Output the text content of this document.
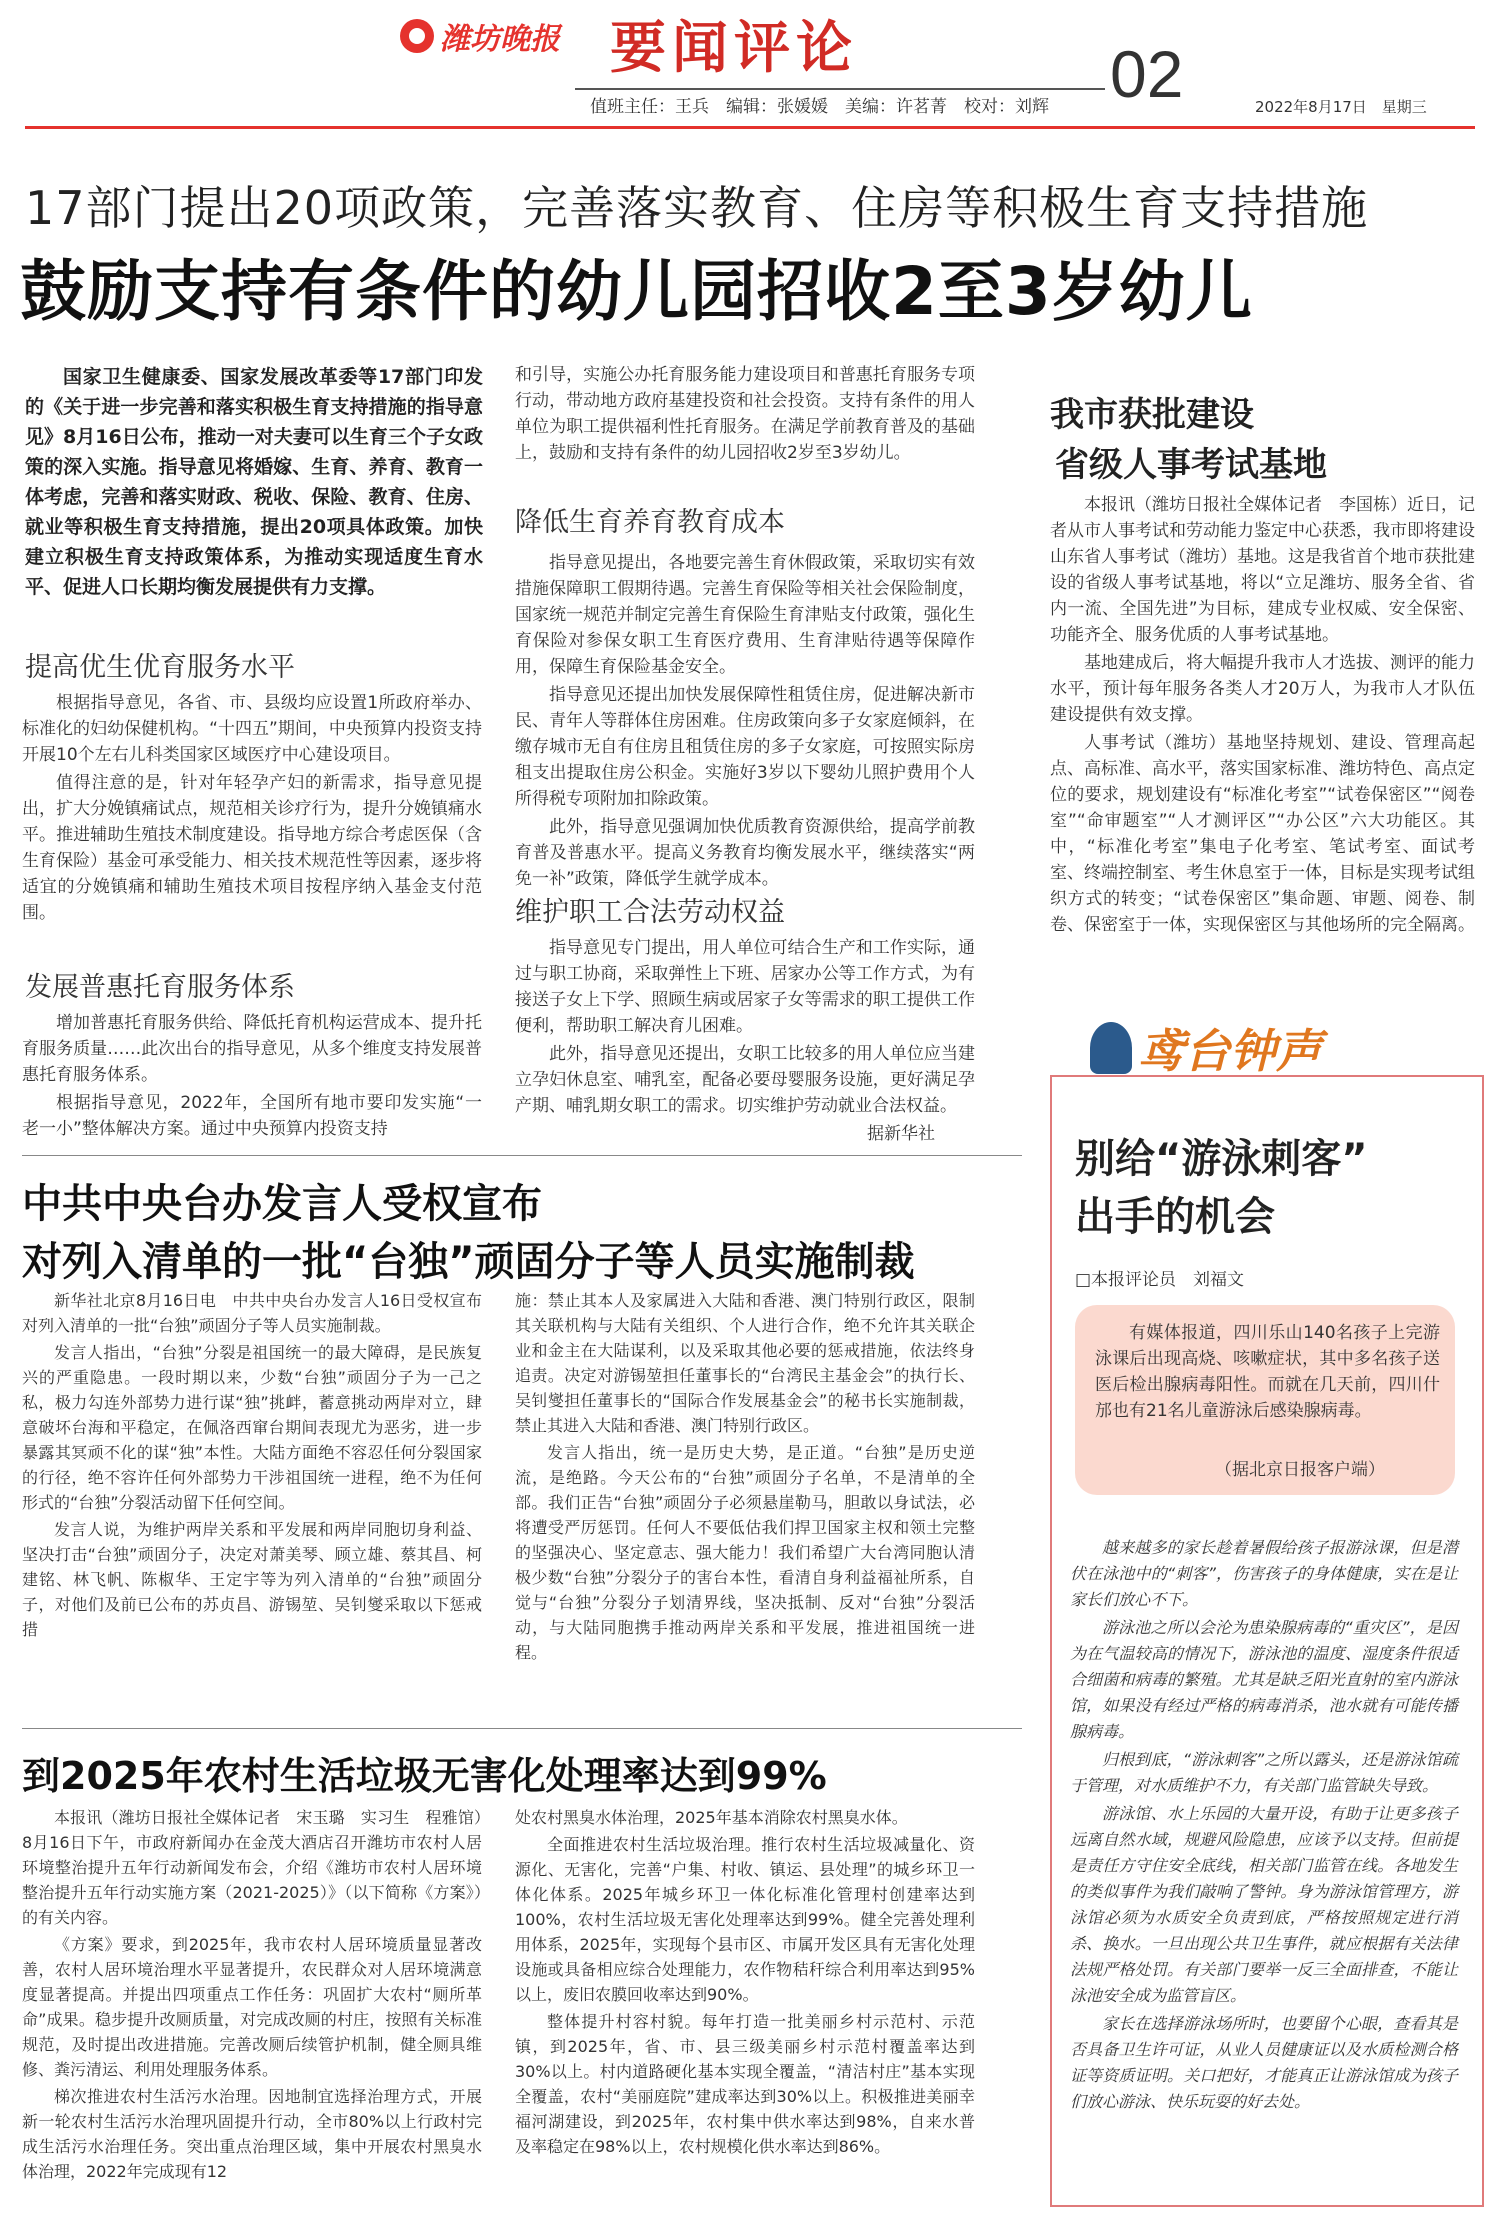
潍坊晚报 要闻评论	02
值班主任：王兵　编辑：张媛媛　美编：许茗菁　校对：刘辉	2022年8月17日　星期三
17部门提出20项政策，完善落实教育、住房等积极生育支持措施
鼓励支持有条件的幼儿园招收2至3岁幼儿

国家卫生健康委、国家发展改革委等17部门印发的《关于进一步完善和落实积极生育支持措施的指导意见》8月16日公布，推动一对夫妻可以生育三个子女政策的深入实施。指导意见将婚嫁、生育、养育、教育一体考虑，完善和落实财政、税收、保险、教育、住房、就业等积极生育支持措施，提出20项具体政策。加快建立积极生育支持政策体系，为推动实现适度生育水平、促进人口长期均衡发展提供有力支撑。

提高优生优育服务水平

根据指导意见，各省、市、县级均应设置1所政府举办、标准化的妇幼保健机构。“十四五”期间，中央预算内投资支持开展10个左右儿科类国家区域医疗中心建设项目。

值得注意的是，针对年轻孕产妇的新需求，指导意见提出，扩大分娩镇痛试点，规范相关诊疗行为，提升分娩镇痛水平。推进辅助生殖技术制度建设。指导地方综合考虑医保（含生育保险）基金可承受能力、相关技术规范性等因素，逐步将适宜的分娩镇痛和辅助生殖技术项目按程序纳入基金支付范围。

发展普惠托育服务体系

增加普惠托育服务供给、降低托育机构运营成本、提升托育服务质量……此次出台的指导意见，从多个维度支持发展普惠托育服务体系。

根据指导意见，2022年，全国所有地市要印发实施“一老一小”整体解决方案。通过中央预算内投资支持

和引导，实施公办托育服务能力建设项目和普惠托育服务专项行动，带动地方政府基建投资和社会投资。支持有条件的用人单位为职工提供福利性托育服务。在满足学前教育普及的基础上，鼓励和支持有条件的幼儿园招收2岁至3岁幼儿。

降低生育养育教育成本

指导意见提出，各地要完善生育休假政策，采取切实有效措施保障职工假期待遇。完善生育保险等相关社会保险制度，国家统一规范并制定完善生育保险生育津贴支付政策，强化生育保险对参保女职工生育医疗费用、生育津贴待遇等保障作用，保障生育保险基金安全。

指导意见还提出加快发展保障性租赁住房，促进解决新市民、青年人等群体住房困难。住房政策向多子女家庭倾斜，在缴存城市无自有住房且租赁住房的多子女家庭，可按照实际房租支出提取住房公积金。实施好3岁以下婴幼儿照护费用个人所得税专项附加扣除政策。

此外，指导意见强调加快优质教育资源供给，提高学前教育普及普惠水平。提高义务教育均衡发展水平，继续落实“两免一补”政策，降低学生就学成本。

维护职工合法劳动权益

指导意见专门提出，用人单位可结合生产和工作实际，通过与职工协商，采取弹性上下班、居家办公等工作方式，为有接送子女上下学、照顾生病或居家子女等需求的职工提供工作便利，帮助职工解决育儿困难。

此外，指导意见还提出，女职工比较多的用人单位应当建立孕妇休息室、哺乳室，配备必要母婴服务设施，更好满足孕产期、哺乳期女职工的需求。切实维护劳动就业合法权益。

据新华社

我市获批建设
省级人事考试基地

本报讯（潍坊日报社全媒体记者　李国栋）近日，记者从市人事考试和劳动能力鉴定中心获悉，我市即将建设山东省人事考试（潍坊）基地。这是我省首个地市获批建设的省级人事考试基地，将以“立足潍坊、服务全省、省内一流、全国先进”为目标，建成专业权威、安全保密、功能齐全、服务优质的人事考试基地。

基地建成后，将大幅提升我市人才选拔、测评的能力水平，预计每年服务各类人才20万人，为我市人才队伍建设提供有效支撑。

人事考试（潍坊）基地坚持规划、建设、管理高起点、高标准、高水平，落实国家标准、潍坊特色、高点定位的要求，规划建设有“标准化考室”“试卷保密区”“阅卷室”“命审题室”“人才测评区”“办公区”六大功能区。其中，“标准化考室”集电子化考室、笔试考室、面试考室、终端控制室、考生休息室于一体，目标是实现考试组织方式的转变；“试卷保密区”集命题、审题、阅卷、制卷、保密室于一体，实现保密区与其他场所的完全隔离。

鸢台钟声
别给“游泳刺客”
出手的机会
□本报评论员　刘福文
有媒体报道，四川乐山140名孩子上完游泳课后出现高烧、咳嗽症状，其中多名孩子送医后检出腺病毒阳性。而就在几天前，四川什邡也有21名儿童游泳后感染腺病毒。
（据北京日报客户端）

越来越多的家长趁着暑假给孩子报游泳课，但是潜伏在泳池中的“刺客”，伤害孩子的身体健康，实在是让家长们放心不下。

游泳池之所以会沦为患染腺病毒的“重灾区”，是因为在气温较高的情况下，游泳池的温度、湿度条件很适合细菌和病毒的繁殖。尤其是缺乏阳光直射的室内游泳馆，如果没有经过严格的病毒消杀，池水就有可能传播腺病毒。

归根到底，“游泳刺客”之所以露头，还是游泳馆疏于管理，对水质维护不力，有关部门监管缺失导致。

游泳馆、水上乐园的大量开设，有助于让更多孩子远离自然水域，规避风险隐患，应该予以支持。但前提是责任方守住安全底线，相关部门监管在线。各地发生的类似事件为我们敲响了警钟。身为游泳馆管理方，游泳馆必须为水质安全负责到底，严格按照规定进行消杀、换水。一旦出现公共卫生事件，就应根据有关法律法规严格处罚。有关部门要举一反三全面排查，不能让泳池安全成为监管盲区。

家长在选择游泳场所时，也要留个心眼，查看其是否具备卫生许可证，从业人员健康证以及水质检测合格证等资质证明。关口把好，才能真正让游泳馆成为孩子们放心游泳、快乐玩耍的好去处。

中共中央台办发言人受权宣布
对列入清单的一批“台独”顽固分子等人员实施制裁

新华社北京8月16日电　中共中央台办发言人16日受权宣布对列入清单的一批“台独”顽固分子等人员实施制裁。

发言人指出，“台独”分裂是祖国统一的最大障碍，是民族复兴的严重隐患。一段时期以来，少数“台独”顽固分子为一己之私，极力勾连外部势力进行谋“独”挑衅，蓄意挑动两岸对立，肆意破坏台海和平稳定，在佩洛西窜台期间表现尤为恶劣，进一步暴露其冥顽不化的谋“独”本性。大陆方面绝不容忍任何分裂国家的行径，绝不容许任何外部势力干涉祖国统一进程，绝不为任何形式的“台独”分裂活动留下任何空间。

发言人说，为维护两岸关系和平发展和两岸同胞切身利益、坚决打击“台独”顽固分子，决定对萧美琴、顾立雄、蔡其昌、柯建铭、林飞帆、陈椒华、王定宇等为列入清单的“台独”顽固分子，对他们及前已公布的苏贞昌、游锡堃、吴钊燮采取以下惩戒措

施：禁止其本人及家属进入大陆和香港、澳门特别行政区，限制其关联机构与大陆有关组织、个人进行合作，绝不允许其关联企业和金主在大陆谋利，以及采取其他必要的惩戒措施，依法终身追责。决定对游锡堃担任董事长的“台湾民主基金会”的执行长、吴钊燮担任董事长的“国际合作发展基金会”的秘书长实施制裁，禁止其进入大陆和香港、澳门特别行政区。

发言人指出，统一是历史大势，是正道。“台独”是历史逆流，是绝路。今天公布的“台独”顽固分子名单，不是清单的全部。我们正告“台独”顽固分子必须悬崖勒马，胆敢以身试法，必将遭受严厉惩罚。任何人不要低估我们捍卫国家主权和领土完整的坚强决心、坚定意志、强大能力！我们希望广大台湾同胞认清极少数“台独”分裂分子的害台本性，看清自身利益福祉所系，自觉与“台独”分裂分子划清界线，坚决抵制、反对“台独”分裂活动，与大陆同胞携手推动两岸关系和平发展，推进祖国统一进程。

到2025年农村生活垃圾无害化处理率达到99%

本报讯（潍坊日报社全媒体记者　宋玉璐　实习生　程雅馆）8月16日下午，市政府新闻办在金茂大酒店召开潍坊市农村人居环境整治提升五年行动新闻发布会，介绍《潍坊市农村人居环境整治提升五年行动实施方案（2021-2025）》（以下简称《方案》）的有关内容。

《方案》要求，到2025年，我市农村人居环境质量显著改善，农村人居环境治理水平显著提升，农民群众对人居环境满意度显著提高。并提出四项重点工作任务：巩固扩大农村“厕所革命”成果。稳步提升改厕质量，对完成改厕的村庄，按照有关标准规范，及时提出改进措施。完善改厕后续管护机制，健全厕具维修、粪污清运、利用处理服务体系。

梯次推进农村生活污水治理。因地制宜选择治理方式，开展新一轮农村生活污水治理巩固提升行动，全市80%以上行政村完成生活污水治理任务。突出重点治理区域，集中开展农村黑臭水体治理，2022年完成现有12

处农村黑臭水体治理，2025年基本消除农村黑臭水体。

全面推进农村生活垃圾治理。推行农村生活垃圾减量化、资源化、无害化，完善“户集、村收、镇运、县处理”的城乡环卫一体化体系。2025年城乡环卫一体化标准化管理村创建率达到100%，农村生活垃圾无害化处理率达到99%。健全完善处理利用体系，2025年，实现每个县市区、市属开发区具有无害化处理设施或具备相应综合处理能力，农作物秸秆综合利用率达到95%以上，废旧农膜回收率达到90%。

整体提升村容村貌。每年打造一批美丽乡村示范村、示范镇，到2025年，省、市、县三级美丽乡村示范村覆盖率达到30%以上。村内道路硬化基本实现全覆盖，“清洁村庄”基本实现全覆盖，农村“美丽庭院”建成率达到30%以上。积极推进美丽幸福河湖建设，到2025年，农村集中供水率达到98%，自来水普及率稳定在98%以上，农村规模化供水率达到86%。
